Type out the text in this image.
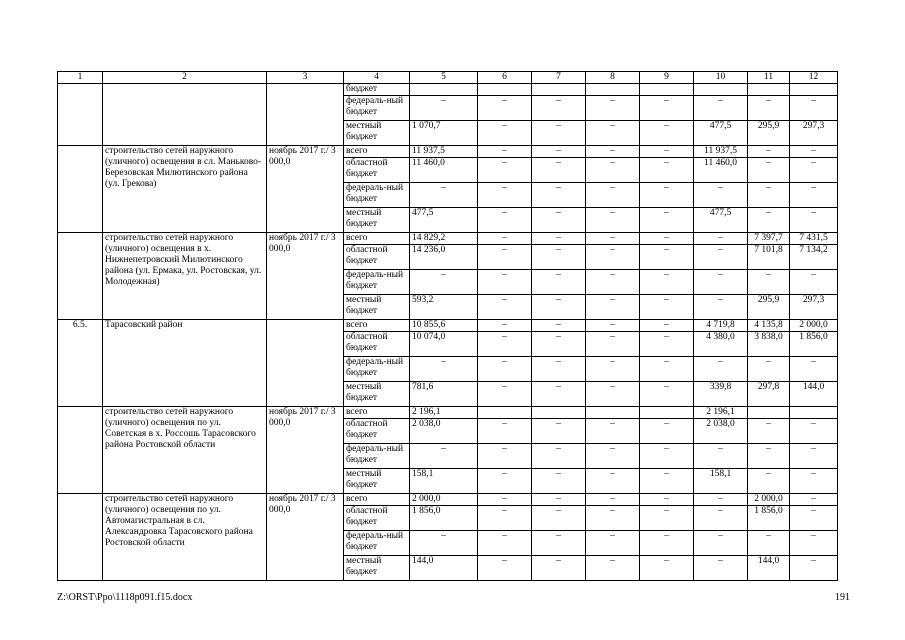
1	2	3	4	5	6	7	8	9	10	11	12
			бюджет								
			федераль-ный бюджет	–	–	–	–	–	–	–	–
			местный бюджет	1 070,7	–	–	–	–	477,5	295,9	297,3
	строительство сетей наружного (уличного) освещения в сл. Маньково-Березовская Милютинского района (ул. Грекова)	ноябрь 2017 г./ 3 000,0	всего	11 937,5	–	–	–	–	11 937,5	–	–
			областной бюджет	11 460,0	–	–	–	–	11 460,0	–	–
			федераль-ный бюджет	–	–	–	–	–	–	–	–
			местный бюджет	477,5	–	–	–	–	477,5	–	–
	строительство сетей наружного (уличного) освещения в х. Нижнепетровский Милютинского района (ул. Ермака, ул. Ростовская, ул. Молодежная)	ноябрь 2017 г./ 3 000,0	всего	14 829,2	–	–	–	–	–	7 397,7	7 431,5
			областной бюджет	14 236,0	–	–	–	–	–	7 101,8	7 134,2
			федераль-ный бюджет	–	–	–	–	–	–	–	–
			местный бюджет	593,2	–	–	–	–	–	295,9	297,3
6.5.	Тарасовский район		всего	10 855,6	–	–	–	–	4 719,8	4 135,8	2 000,0
			областной бюджет	10 074,0	–	–	–	–	4 380,0	3 838,0	1 856,0
			федераль-ный бюджет	–	–	–	–	–	–	–	–
			местный бюджет	781,6	–	–	–	–	339,8	297,8	144,0
	строительство сетей наружного (уличного) освещения по ул. Советская в х. Россошь Тарасовского района Ростовской области	ноябрь 2017 г./ 3 000,0	всего	2 196,1					2 196,1		
			областной бюджет	2 038,0	–	–	–	–	2 038,0	–	–
			федераль-ный бюджет	–	–	–	–	–	–	–	–
			местный бюджет	158,1	–	–	–	–	158,1	–	–
	строительство сетей наружного (уличного) освещения по ул. Автомагистральная в сл. Александровка Тарасовского района Ростовской области	ноябрь 2017 г./ 3 000,0	всего	2 000,0	–	–	–	–	–	2 000,0	–
			областной бюджет	1 856,0	–	–	–	–	–	1 856,0	–
			федераль-ный бюджет	–	–	–	–	–	–	–	–
			местный бюджет	144,0	–	–	–	–	–	144,0	–
Z:\ORST\Ppo\1118p091.f15.docx	191
